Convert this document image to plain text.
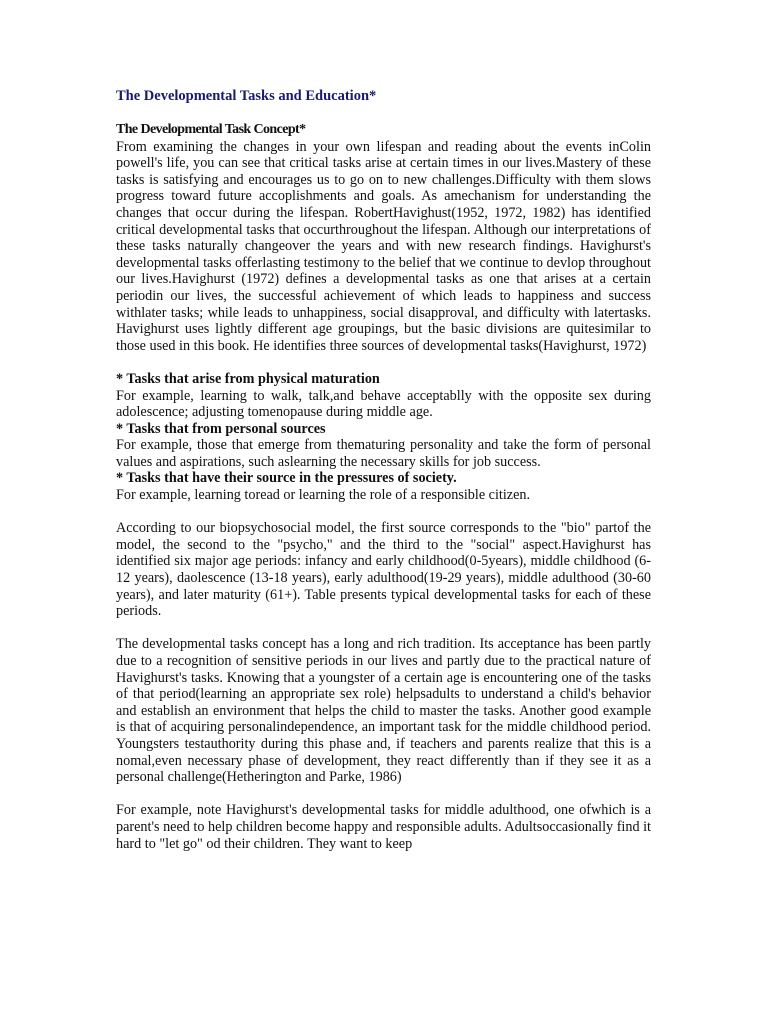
The Developmental Tasks and Education*

The Developmental Task Concept*

From examining the changes in your own lifespan and reading about the events inColin powell's life, you can see that critical tasks arise at certain times in our lives.Mastery of these tasks is satisfying and encourages us to go on to new challenges.Difficulty with them slows progress toward future accoplishments and goals. As amechanism for understanding the changes that occur during the lifespan. RobertHavighust(1952, 1972, 1982) has identified critical developmental tasks that occurthroughout the lifespan. Although our interpretations of these tasks naturally changeover the years and with new research findings. Havighurst's developmental tasks offerlasting testimony to the belief that we continue to devlop throughout our lives.Havighurst (1972) defines a developmental tasks as one that arises at a certain periodin our lives, the successful achievement of which leads to happiness and success withlater tasks; while leads to unhappiness, social disapproval, and difficulty with latertasks. Havighurst uses lightly different age groupings, but the basic divisions are quitesimilar to those used in this book. He identifies three sources of developmental tasks(Havighurst, 1972)

* Tasks that arise from physical maturation

For example, learning to walk, talk,and behave acceptablly with the opposite sex during adolescence; adjusting tomenopause during middle age.

* Tasks that from personal sources

For example, those that emerge from thematuring personality and take the form of personal values and aspirations, such aslearning the necessary skills for job success.

* Tasks that have their source in the pressures of society.

For example, learning toread or learning the role of a responsible citizen.

According to our biopsychosocial model, the first source corresponds to the "bio" partof the model, the second to the "psycho," and the third to the "social" aspect.Havighurst has identified six major age periods: infancy and early childhood(0-5years), middle childhood (6-12 years), daolescence (13-18 years), early adulthood(19-29 years), middle adulthood (30-60 years), and later maturity (61+). Table presents typical developmental tasks for each of these periods.

The developmental tasks concept has a long and rich tradition. Its acceptance has been partly due to a recognition of sensitive periods in our lives and partly due to the practical nature of Havighurst's tasks. Knowing that a youngster of a certain age is encountering one of the tasks of that period(learning an appropriate sex role) helpsadults to understand a child's behavior and establish an environment that helps the child to master the tasks. Another good example is that of acquiring personalindependence, an important task for the middle childhood period. Youngsters testauthority during this phase and, if teachers and parents realize that this is a nomal,even necessary phase of development, they react differently than if they see it as a personal challenge(Hetherington and Parke, 1986)

For example, note Havighurst's developmental tasks for middle adulthood, one ofwhich is a parent's need to help children become happy and responsible adults. Adultsoccasionally find it hard to "let go" od their children. They want to keep
